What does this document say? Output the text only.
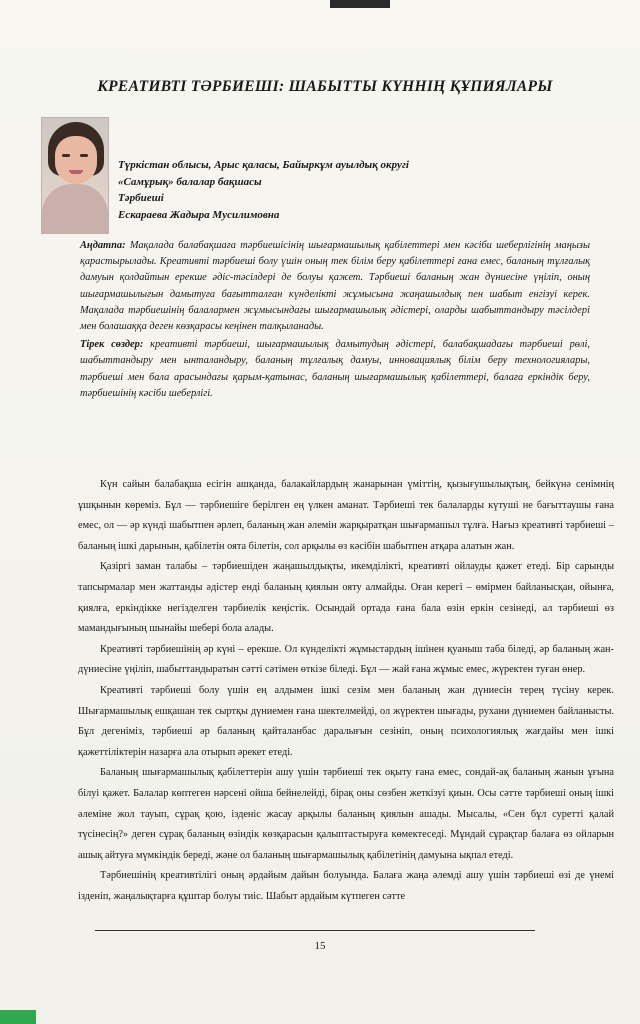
КРЕАТИВТІ ТӘРБИЕШІ: ШАБЫТТЫ КҮННІҢ ҚҰПИЯЛАРЫ
Түркістан облысы, Арыс қаласы, Байыркұм ауылдық округі
«Самұрық» балалар бақшасы
Тәрбиеші
Ескараева Жадыра Мусилимовна

Аңдатпа: Мақалада балабақшаға тәрбиешісінің шығармашылық қабілеттері мен кәсіби шеберлігінің маңызы қарастырылады. Креативті тәрбиеші болу үшін оның тек білім беру қабілеттері ғана емес, баланың тұлғалық дамуын қолдайтын ерекше әдіс-тәсілдері де болуы қажет. Тәрбиеші баланың жан дүниесіне үңіліп, оның шығармашылығын дамытуға бағытталған күнделікті жұмысына жаңашылдық пен шабыт енгізуі керек. Мақалада тәрбиешінің балалармен жұмысындағы шығармашылық әдістері, оларды шабыттандыру тәсілдері мен болашаққа деген көзқарасы кеңінен талқыланады.

Тірек сөздер: креативті тәрбиеші, шығармашылық дамытудың әдістері, балабақшадағы тәрбиеші рөлі, шабыттандыру мен ынталандыру, баланың тұлғалық дамуы, инновациялық білім беру технологиялары, тәрбиеші мен бала арасындағы қарым-қатынас, баланың шығармашылық қабілеттері, балаға еркіндік беру, тәрбиешінің кәсіби шеберлігі.

Күн сайын балабақша есігін ашқанда, балакайлардың жанарынан үміттің, қызығушылықтың, бейкүнә сенімнің ұшқынын көреміз. Бұл — тәрбиешіге берілген ең үлкен аманат. Тәрбиеші тек балаларды күтуші не бағыттаушы ғана емес, ол — әр күнді шабытпен әрлеп, баланың жан әлемін жарқыратқан шығармашыл тұлға. Нағыз креативті тәрбиеші – баланың ішкі дарынын, қабілетін оята білетін, сол арқылы өз кәсібін шабытпен атқара алатын жан.

Қазіргі заман талабы – тәрбиешіден жаңашылдықты, икемділікті, креативті ойлауды қажет етеді. Бір сарынды тапсырмалар мен жаттанды әдістер енді баланың қиялын ояту алмайды. Оған керегі – өмірмен байланысқан, ойынға, қиялға, еркіндікке негізделген тәрбиелік кеңістік. Осындай ортада ғана бала өзін еркін сезінеді, ал тәрбиеші өз мамандығының шынайы шебері бола алады.

Креативті тәрбиешінің әр күні – ерекше. Ол күнделікті жұмыстардың ішінен қуаныш таба біледі, әр баланың жан-дүниесіне үңіліп, шабыттандыратын сәтті сәтімен өткізе біледі. Бұл — жай ғана жұмыс емес, жүректен туған өнер.

Креативті тәрбиеші болу үшін ең алдымен ішкі сезім мен баланың жан дүниесін терең түсіну керек. Шығармашылық ешқашан тек сыртқы дүниемен ғана шектелмейді, ол жүректен шығады, рухани дүниемен байланысты. Бұл дегеніміз, тәрбиеші әр баланың қайталанбас даралығын сезініп, оның психологиялық жағдайы мен ішкі қажеттіліктерін назарға ала отырып әрекет етеді.

Баланың шығармашылық қабілеттерін ашу үшін тәрбиеші тек оқыту ғана емес, сондай-ақ баланың жанын ұғына білуі қажет. Балалар көптеген нәрсені ойша бейнелейді, бірақ оны сөзбен жеткізуі қиын. Осы сәтте тәрбиеші оның ішкі әлеміне жол тауып, сұрақ қою, ізденіс жасау арқылы баланың қиялын ашады. Мысалы, «Сен бұл суретті қалай түсінесің?» деген сұрақ баланың өзіндік көзқарасын қалыптастыруға көмектеседі. Мұндай сұрақтар балаға өз ойларын ашық айтуға мүмкіндік береді, және ол баланың шығармашылық қабілетінің дамуына ықпал етеді.

Тәрбиешінің креативтілігі оның әрдайым дайын болуында. Балаға жаңа әлемді ашу үшін тәрбиеші өзі де үнемі ізденіп, жаңалықтарға құштар болуы тиіс. Шабыт әрдайым күтпеген сәтте

15
